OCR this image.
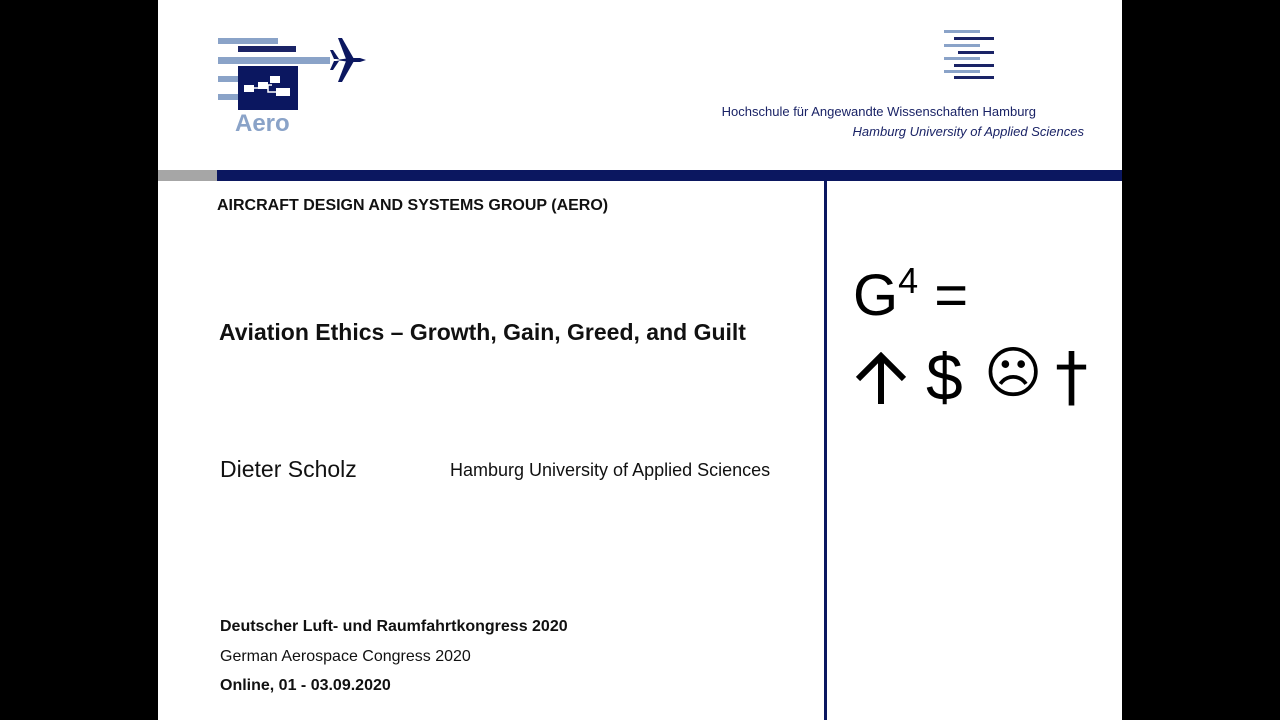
Aero	Hochschule für Angewandte Wissenschaften Hamburg
Hamburg University of Applied Sciences
AIRCRAFT DESIGN AND SYSTEMS GROUP (AERO)
Aviation Ethics – Growth, Gain, Greed, and Guilt
Dieter Scholz	Hamburg University of Applied Sciences
Deutscher Luft- und Raumfahrtkongress 2020
German Aerospace Congress 2020
Online, 01 - 03.09.2020
$G^4$ =
$ ☹ †
